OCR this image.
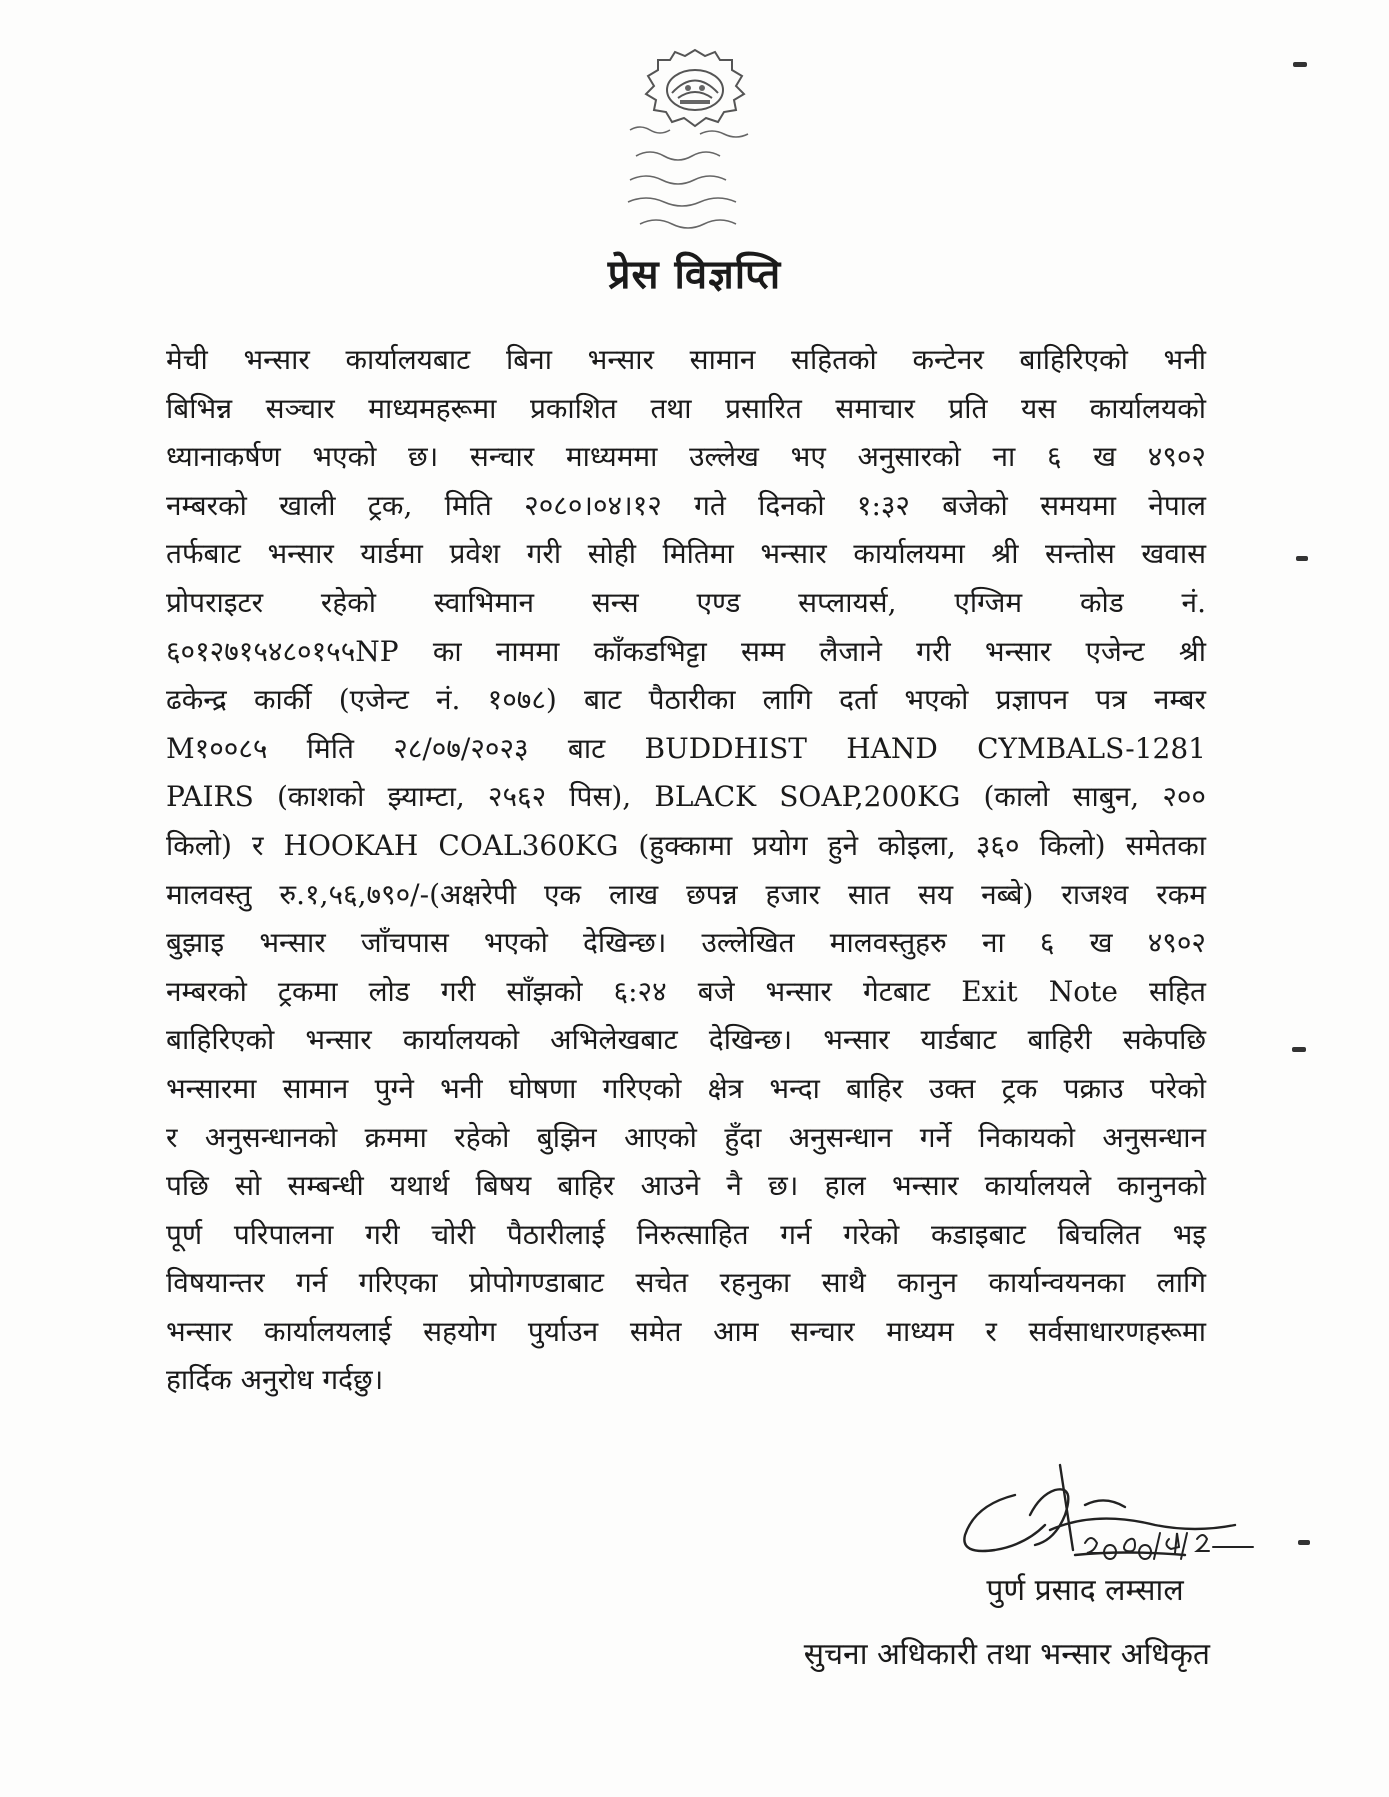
प्रेस विज्ञप्ति
मेची भन्सार कार्यालयबाट बिना भन्सार सामान सहितको कन्टेनर बाहिरिएको भनी
बिभिन्न सञ्चार माध्यमहरूमा प्रकाशित तथा प्रसारित समाचार प्रति यस कार्यालयको
ध्यानाकर्षण भएको छ। सन्चार माध्यममा उल्लेख भए अनुसारको ना ६ ख ४९०२
नम्बरको खाली ट्रक, मिति २०८०।०४।१२ गते दिनको १:३२ बजेको समयमा नेपाल
तर्फबाट भन्सार यार्डमा प्रवेश गरी सोही मितिमा भन्सार कार्यालयमा श्री सन्तोस खवास
प्रोपराइटर रहेको स्वाभिमान सन्स एण्ड सप्लायर्स, एग्जिम कोड नं.
६०१२७१५४८०१५५NP का नाममा काँकडभिट्टा सम्म लैजाने गरी भन्सार एजेन्ट श्री
ढकेन्द्र कार्की (एजेन्ट नं. १०७८) बाट पैठारीका लागि दर्ता भएको प्रज्ञापन पत्र नम्बर
M१००८५ मिति २८/०७/२०२३ बाट BUDDHIST HAND CYMBALS-1281
PAIRS (काशको झ्याम्टा, २५६२ पिस), BLACK SOAP,200KG (कालो साबुन, २००
किलो) र HOOKAH COAL360KG (हुक्कामा प्रयोग हुने कोइला, ३६० किलो) समेतका
मालवस्तु रु.१,५६,७९०/-(अक्षरेपी एक लाख छपन्न हजार सात सय नब्बे) राजश्व रकम
बुझाइ भन्सार जाँचपास भएको देखिन्छ। उल्लेखित मालवस्तुहरु ना ६ ख ४९०२
नम्बरको ट्रकमा लोड गरी साँझको ६:२४ बजे भन्सार गेटबाट Exit Note सहित
बाहिरिएको भन्सार कार्यालयको अभिलेखबाट देखिन्छ। भन्सार यार्डबाट बाहिरी सकेपछि
भन्सारमा सामान पुग्ने भनी घोषणा गरिएको क्षेत्र भन्दा बाहिर उक्त ट्रक पक्राउ परेको
र अनुसन्धानको क्रममा रहेको बुझिन आएको हुँदा अनुसन्धान गर्ने निकायको अनुसन्धान
पछि सो सम्बन्धी यथार्थ बिषय बाहिर आउने नै छ। हाल भन्सार कार्यालयले कानुनको
पूर्ण परिपालना गरी चोरी पैठारीलाई निरुत्साहित गर्न गरेको कडाइबाट बिचलित भइ
विषयान्तर गर्न गरिएका प्रोपोगण्डाबाट सचेत रहनुका साथै कानुन कार्यान्वयनका लागि
भन्सार कार्यालयलाई सहयोग पुर्याउन समेत आम सन्चार माध्यम र सर्वसाधारणहरूमा
हार्दिक अनुरोध गर्दछु।
पुर्ण प्रसाद लम्साल
सुचना अधिकारी तथा भन्सार अधिकृत
